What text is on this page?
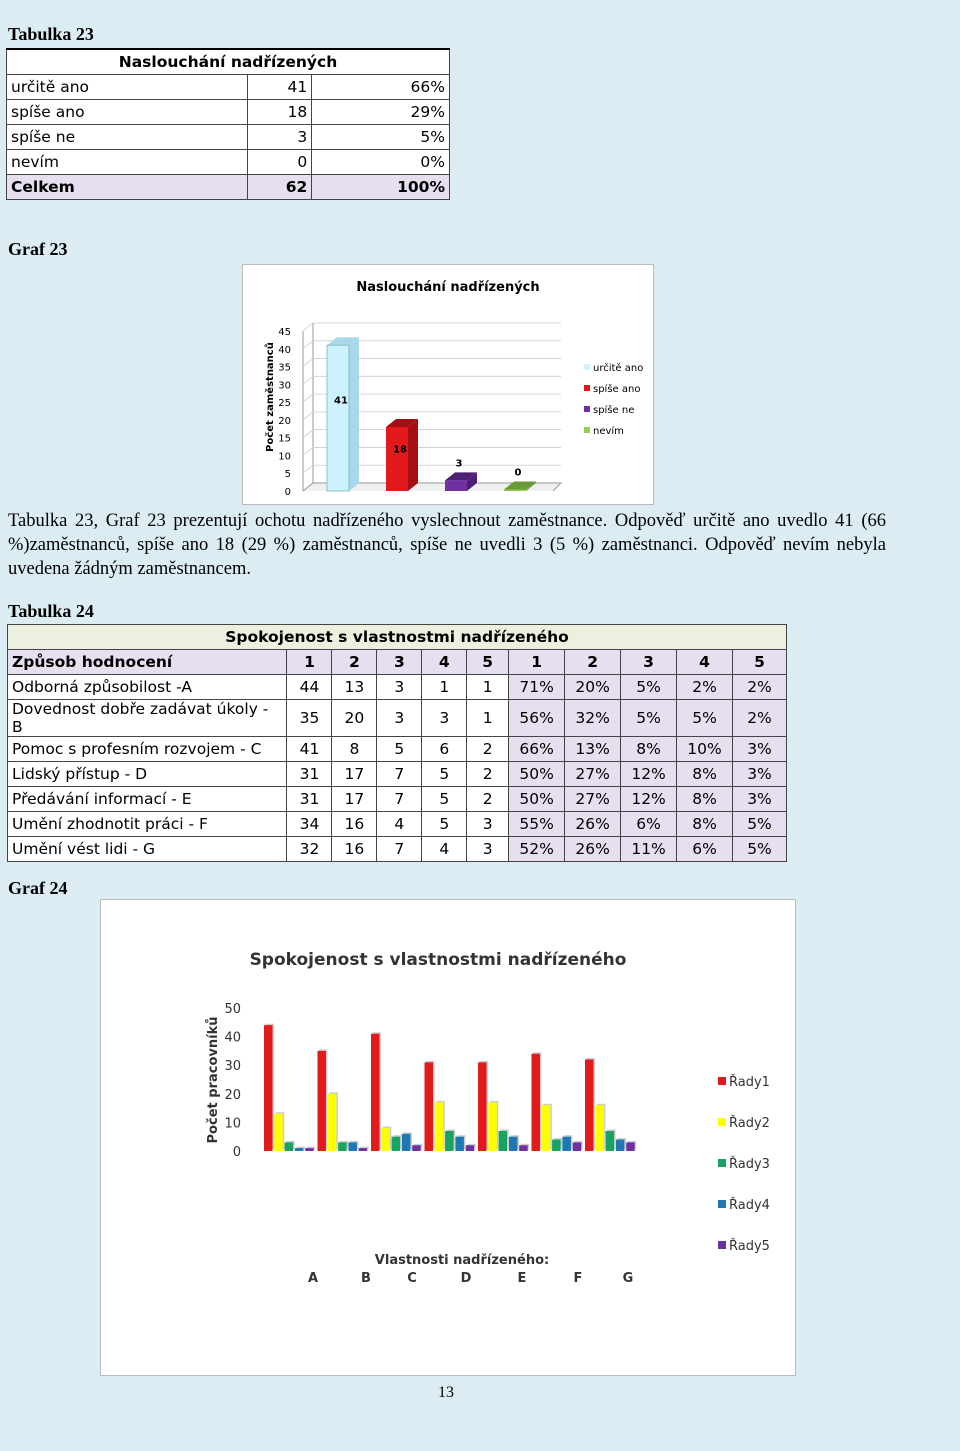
Tabulka 23
Naslouchání nadřízených		
určitě ano	41	66%
spíše ano	18	29%
spíše ne	3	5%
nevím	0	0%
Celkem	62	100%
Graf 23
Naslouchání nadřízených
Počet zaměstnanců
45
40
35
30
25
20
15
10
5
0
41
18
3
0
určitě ano
spíše ano
spíše ne
nevím
Tabulka 23, Graf 23 prezentují ochotu nadřízeného vyslechnout zaměstnance. Odpověď určitě ano uvedlo 41 (66 %)zaměstnanců, spíše ano 18 (29 %) zaměstnanců, spíše ne uvedli 3 (5 %) zaměstnanci. Odpověď nevím nebyla uvedena žádným zaměstnancem.
Tabulka 24
Spokojenost s vlastnostmi nadřízeného										
Způsob hodnocení	1	2	3	4	5	1	2	3	4	5
Odborná způsobilost -A	44	13	3	1	1	71%	20%	5%	2%	2%
Dovednost dobře zadávat úkoly - B	35	20	3	3	1	56%	32%	5%	5%	2%
Pomoc s profesním rozvojem - C	41	8	5	6	2	66%	13%	8%	10%	3%
Lidský přístup - D	31	17	7	5	2	50%	27%	12%	8%	3%
Předávání informací - E	31	17	7	5	2	50%	27%	12%	8%	3%
Umění zhodnotit práci - F	34	16	4	5	3	55%	26%	6%	8%	5%
Umění vést lidi - G	32	16	7	4	3	52%	26%	11%	6%	5%
Graf 24
Spokojenost s vlastnostmi nadřízeného
Počet pracovníků
Vlastnosti nadřízeného:
50
40
30
20
10
0
A	B	C	D	E	F	G
Řady1
Řady2
Řady3
Řady4
Řady5
13
